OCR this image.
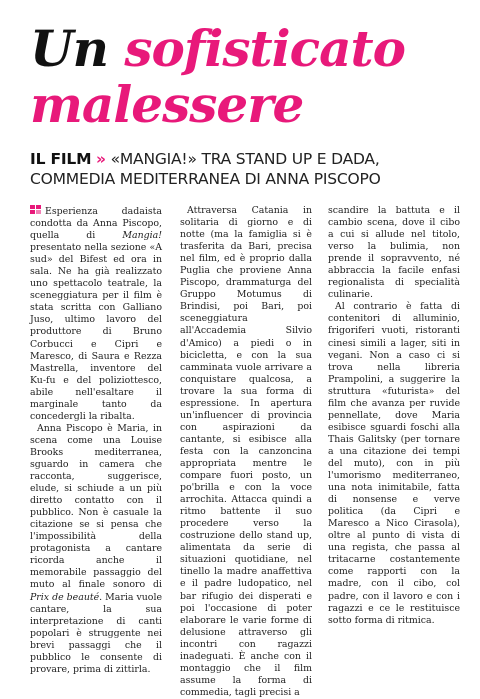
Un sofisticato
malessere
IL FILM » «MANGIA!» TRA STAND UP E DADA, COMMEDIA MEDITERRANEA DI ANNA PISCOPO

Esperienza dadaista condotta da Anna Piscopo, quella di Mangia! presentato nella sezione «A sud» del Bifest ed ora in sala. Ne ha già realizzato uno spettacolo teatrale, la sceneggiatura per il film è stata scritta con Galliano Juso, ultimo lavoro del produttore di Bruno Corbucci e Cipri e Maresco, di Saura e Rezza Mastrella, inventore del Ku-fu e del poliziottesco, abile nell'esaltare il marginale tanto da concedergli la ribalta.

Anna Piscopo è Maria, in scena come una Louise Brooks mediterranea, sguardo in camera che racconta, suggerisce, elude, si schiude a un più diretto contatto con il pubblico. Non è casuale la citazione se si pensa che l'impossibilità della protagonista a cantare ricorda anche il memorabile passaggio del muto al finale sonoro di Prix de beauté. Maria vuole cantare, la sua interpretazione di canti popolari è struggente nei brevi passaggi che il pubblico le consente di provare, prima di zittirla.

Attraversa Catania in solitaria di giorno e di notte (ma la famiglia si è trasferita da Bari, precisa nel film, ed è proprio dalla Puglia che proviene Anna Piscopo, drammaturga del Gruppo Motumus di Brindisi, poi Bari, poi sceneggiatura all'Accademia Silvio d'Amico) a piedi o in bicicletta, e con la sua camminata vuole arrivare a conquistare qualcosa, a trovare la sua forma di espressione. In apertura un'influencer di provincia con aspirazioni da cantante, si esibisce alla festa con la canzoncina appropriata mentre le compare fuori posto, un po'brilla e con la voce arrochita. Attacca quindi a ritmo battente il suo procedere verso la costruzione dello stand up, alimentata da serie di situazioni quotidiane, nel tinello la madre anaffettiva e il padre ludopatico, nel bar rifugio dei disperati e poi l'occasione di poter elaborare le varie forme di delusione attraverso gli incontri con ragazzi inadeguati. È anche con il montaggio che il film assume la forma di commedia, tagli precisi a

scandire la battuta e il cambio scena, dove il cibo a cui si allude nel titolo, verso la bulimia, non prende il sopravvento, né abbraccia la facile enfasi regionalista di specialità culinarie.

Al contrario è fatta di contenitori di alluminio, frigoriferi vuoti, ristoranti cinesi simili a lager, siti in vegani. Non a caso ci si trova nella libreria Prampolini, a suggerire la struttura «futurista» del film che avanza per ruvide pennellate, dove Maria esibisce sguardi foschi alla Thais Galitsky (per tornare a una citazione dei tempi del muto), con in più l'umorismo mediterraneo, una nota inimitabile, fatta di nonsense e verve politica (da Cipri e Maresco a Nico Cirasola), oltre al punto di vista di una regista, che passa al tritacarne costantemente come rapporti con la madre, con il cibo, col padre, con il lavoro e con i ragazzi e ce le restituisce sotto forma di ritmica.
